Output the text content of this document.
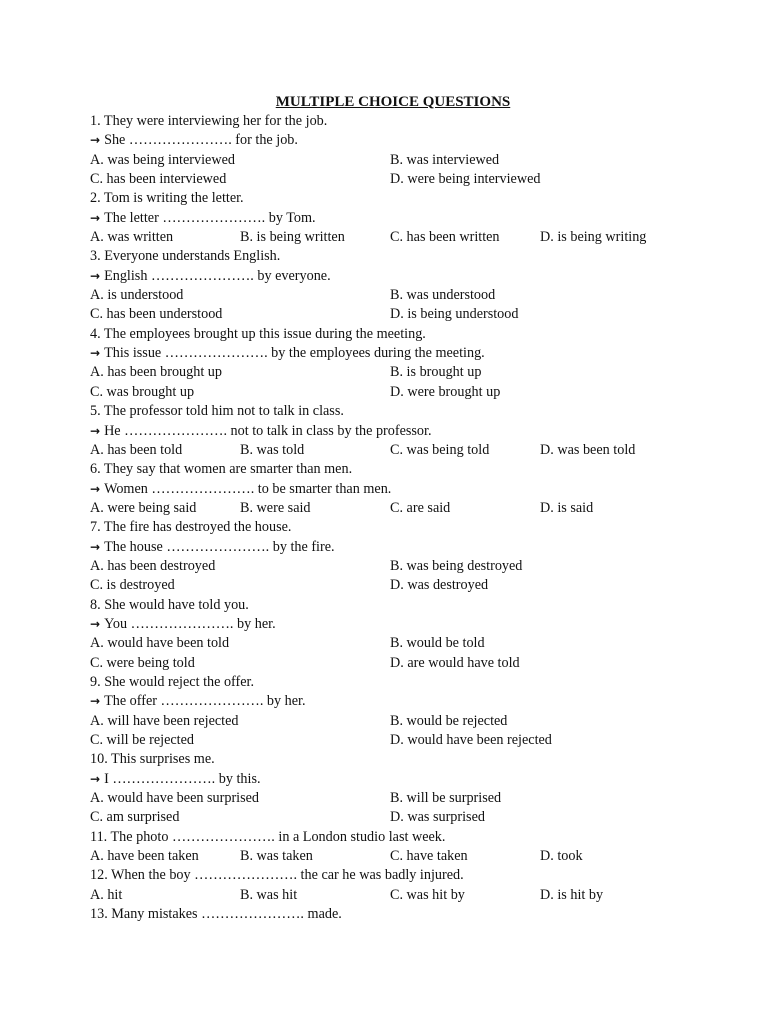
MULTIPLE CHOICE QUESTIONS
1. They were interviewing her for the job.
→ She …………………. for the job.
A. was being interviewed	B. was interviewed
C. has been interviewed	D. were being interviewed
2. Tom is writing the letter.
→ The letter …………………. by Tom.
A. was written	B. is being written	C. has been written	D. is being writing
3. Everyone understands English.
→ English …………………. by everyone.
A. is understood	B. was understood
C. has been understood	D. is being understood
4. The employees brought up this issue during the meeting.
→ This issue …………………. by the employees during the meeting.
A. has been brought up	B. is brought up
C. was brought up	D. were brought up
5. The professor told him not to talk in class.
→ He …………………. not to talk in class by the professor.
A. has been told	B. was told	C. was being told	D. was been told
6. They say that women are smarter than men.
→ Women …………………. to be smarter than men.
A. were being said	B. were said	C. are said	D. is said
7. The fire has destroyed the house.
→ The house …………………. by the fire.
A. has been destroyed	B. was being destroyed
C. is destroyed	D. was destroyed
8. She would have told you.
→ You …………………. by her.
A. would have been told	B. would be told
C. were being told	D. are would have told
9. She would reject the offer.
→ The offer …………………. by her.
A. will have been rejected	B. would be rejected
C. will be rejected	D. would have been rejected
10. This surprises me.
→ I …………………. by this.
A. would have been surprised	B. will be surprised
C. am surprised	D. was surprised
11. The photo …………………. in a London studio last week.
A. have been taken	B. was taken	C. have taken	D. took
12. When the boy …………………. the car he was badly injured.
A. hit	B. was hit	C. was hit by	D. is hit by
13. Many mistakes …………………. made.
